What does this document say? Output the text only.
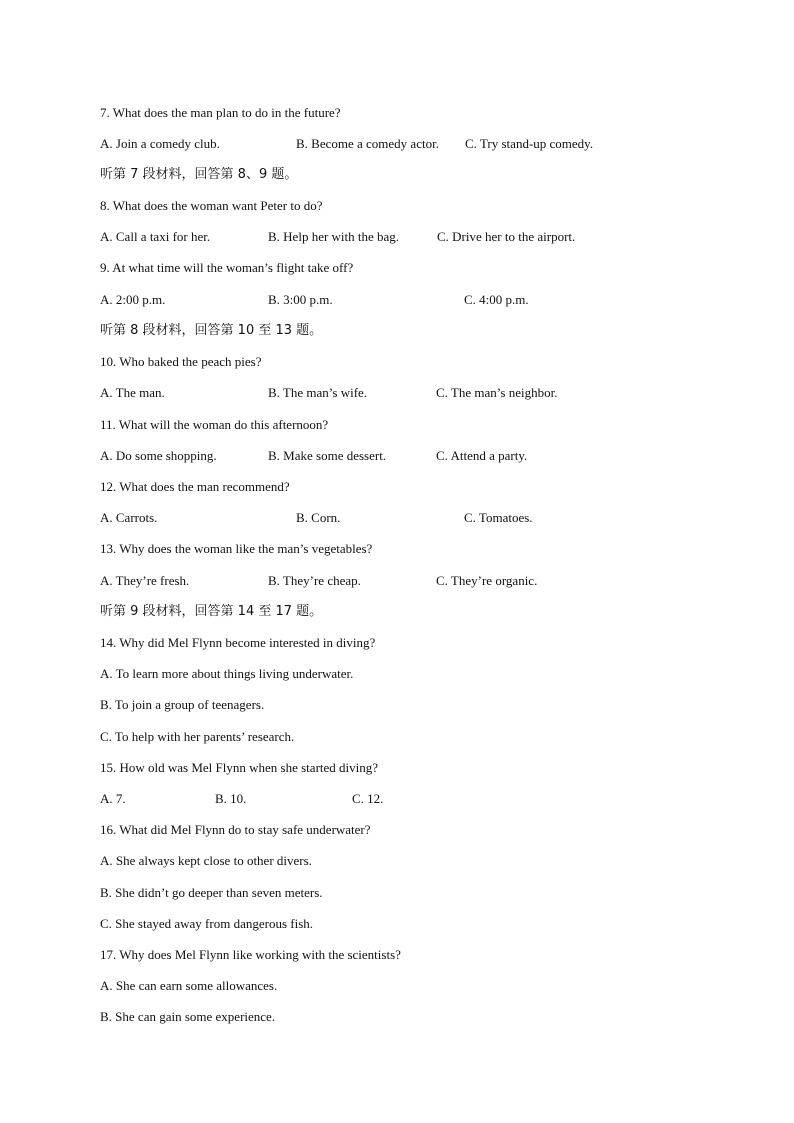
7. What does the man plan to do in the future?
A. Join a comedy club.	B. Become a comedy actor. C. Try stand-up comedy.
听第 7 段材料，回答第 8、9 题。
8. What does the woman want Peter to do?
A. Call a taxi for her.	B. Help her with the bag.	C. Drive her to the airport.
9. At what time will the woman’s flight take off?
A. 2:00 p.m.	B. 3:00 p.m.	C. 4:00 p.m.
听第 8 段材料，回答第 10 至 13 题。
10. Who baked the peach pies?
A. The man.	B. The man’s wife.	C. The man’s neighbor.
11. What will the woman do this afternoon?
A. Do some shopping.	B. Make some dessert.	C. Attend a party.
12. What does the man recommend?
A. Carrots.	B. Corn.	C. Tomatoes.
13. Why does the woman like the man’s vegetables?
A. They’re fresh.	B. They’re cheap.	C. They’re organic.
听第 9 段材料，回答第 14 至 17 题。
14. Why did Mel Flynn become interested in diving?
A. To learn more about things living underwater.
B. To join a group of teenagers.
C. To help with her parents’ research.
15. How old was Mel Flynn when she started diving?
A. 7.	B. 10.	C. 12.
16. What did Mel Flynn do to stay safe underwater?
A. She always kept close to other divers.
B. She didn’t go deeper than seven meters.
C. She stayed away from dangerous fish.
17. Why does Mel Flynn like working with the scientists?
A. She can earn some allowances.
B. She can gain some experience.
